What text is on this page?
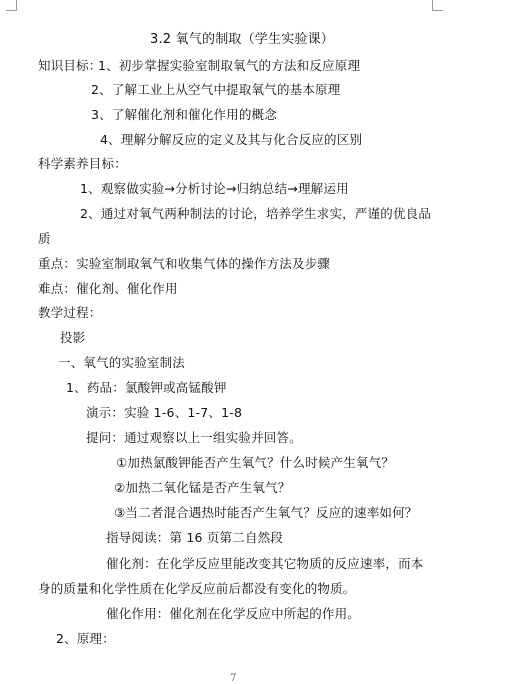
3.2 氧气的制取（学生实验课）
知识目标：
1、初步掌握实验室制取氧气的方法和反应原理
2、了解工业上从空气中提取氧气的基本原理
3、了解催化剂和催化作用的概念
4、理解分解反应的定义及其与化合反应的区别
科学素养目标：
1、观察做实验→分析讨论→归纳总结→理解运用
2、通过对氧气两种制法的讨论，培养学生求实，严谨的优良品
质
重点：实验室制取氧气和收集气体的操作方法及步骤
难点：催化剂、催化作用
教学过程：
投影
一、氧气的实验室制法
1、药品：氯酸钾或高锰酸钾
演示：实验 1-6、1-7、1-8
提问：通过观察以上一组实验并回答。
①加热氯酸钾能否产生氧气？什么时候产生氧气？
②加热二氧化锰是否产生氧气？
③当二者混合遇热时能否产生氧气？反应的速率如何？
指导阅读：第 16 页第二自然段
催化剂：在化学反应里能改变其它物质的反应速率，而本
身的质量和化学性质在化学反应前后都没有变化的物质。
催化作用：催化剂在化学反应中所起的作用。
2、原理：
7
